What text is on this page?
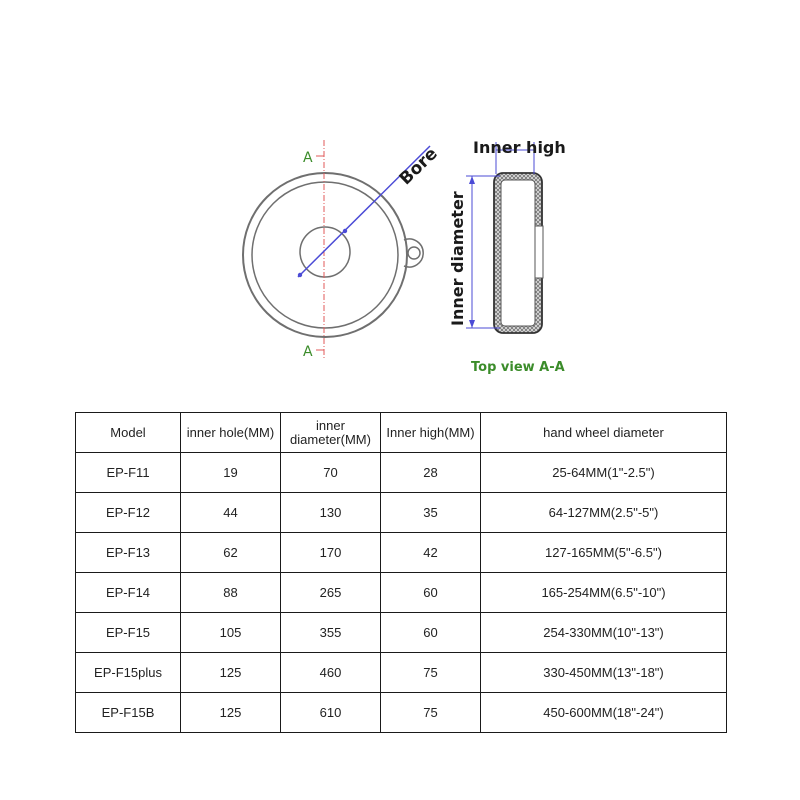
A
A
Bore Inner high
Inner diameter
Top view A-A
Model	inner hole(MM)	inner diameter(MM)	Inner high(MM)	hand wheel diameter
EP-F11	19	70	28	25-64MM(1"-2.5")
EP-F12	44	130	35	64-127MM(2.5"-5")
EP-F13	62	170	42	127-165MM(5"-6.5")
EP-F14	88	265	60	165-254MM(6.5"-10")
EP-F15	105	355	60	254-330MM(10"-13")
EP-F15plus	125	460	75	330-450MM(13"-18")
EP-F15B	125	610	75	450-600MM(18"-24")
